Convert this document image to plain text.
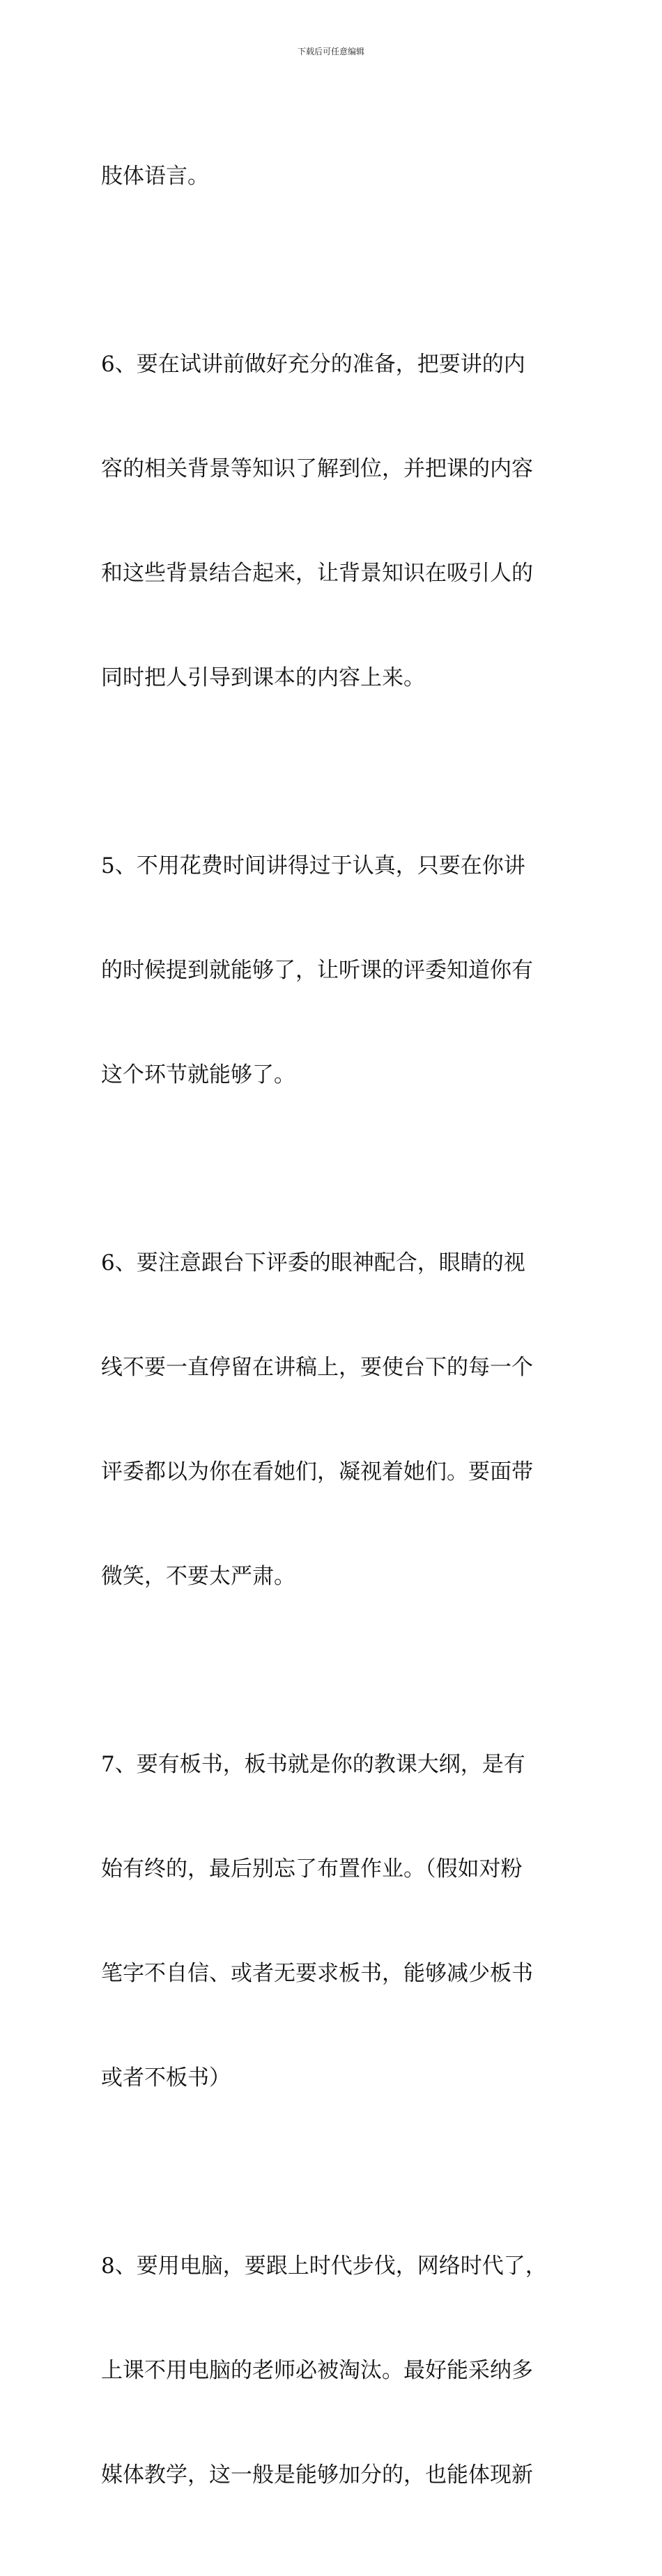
下载后可任意编辑

肢体语言。

6、要在试讲前做好充分的准备，把要讲的内

容的相关背景等知识了解到位，并把课的内容

和这些背景结合起来，让背景知识在吸引人的

同时把人引导到课本的内容上来。

5、不用花费时间讲得过于认真，只要在你讲

的时候提到就能够了，让听课的评委知道你有

这个环节就能够了。

6、要注意跟台下评委的眼神配合，眼睛的视

线不要一直停留在讲稿上，要使台下的每一个

评委都以为你在看她们，凝视着她们。要面带

微笑，不要太严肃。

7、要有板书，板书就是你的教课大纲，是有

始有终的，最后别忘了布置作业。（假如对粉

笔字不自信、或者无要求板书，能够减少板书

或者不板书）

8、要用电脑，要跟上时代步伐，网络时代了，

上课不用电脑的老师必被淘汰。最好能采纳多

媒体教学，这一般是能够加分的，也能体现新
